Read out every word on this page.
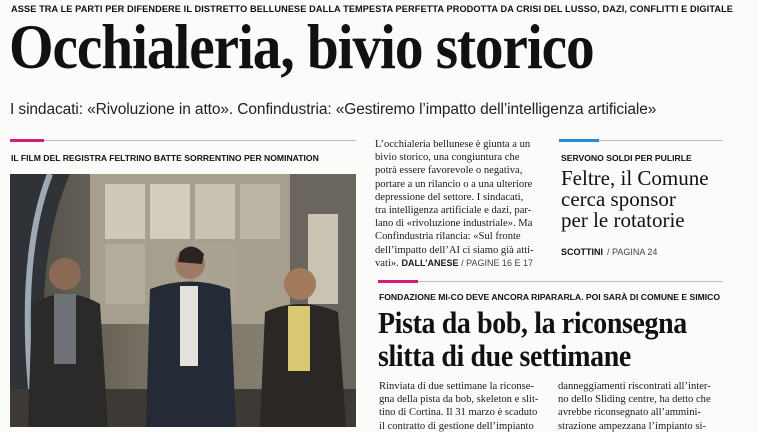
ASSE TRA LE PARTI PER DIFENDERE IL DISTRETTO BELLUNESE DALLA TEMPESTA PERFETTA PRODOTTA DA CRISI DEL LUSSO, DAZI, CONFLITTI E DIGITALE
Occhialeria, bivio storico
I sindacati: «Rivoluzione in atto». Confindustria: «Gestiremo l’impatto dell’intelligenza artificiale»
IL FILM DEL REGISTRA FELTRINO BATTE SORRENTINO PER NOMINATION
L’occhialeria bellunese è giunta a un
bivio storico, una congiuntura che
potrà essere favorevole o negativa,
portare a un rilancio o a una ulteriore
depressione del settore. I sindacati,
tra intelligenza artificiale e dazi, par-
lano di «rivoluzione industriale». Ma
Confindustria rilancia: «Sul fronte
dell’impatto dell’AI ci siamo già atti-
vati». DALL’ANESE / PAGINE 16 E 17
SERVONO SOLDI PER PULIRLE
Feltre, il Comune
cerca sponsor
per le rotatorie
SCOTTINI / PAGINA 24
FONDAZIONE MI-CO DEVE ANCORA RIPARARLA. POI SARÀ DI COMUNE E SIMICO
Pista da bob, la riconsegna
slitta di due settimane
Rinviata di due settimane la riconse-
gna della pista da bob, skeleton e slit-
tino di Cortina. Il 31 marzo è scaduto
il contratto di gestione dell’impianto
danneggiamenti riscontrati all’inter-
no dello Sliding centre, ha detto che
avrebbe riconsegnato all’ammini-
strazione ampezzana l’impianto si-
